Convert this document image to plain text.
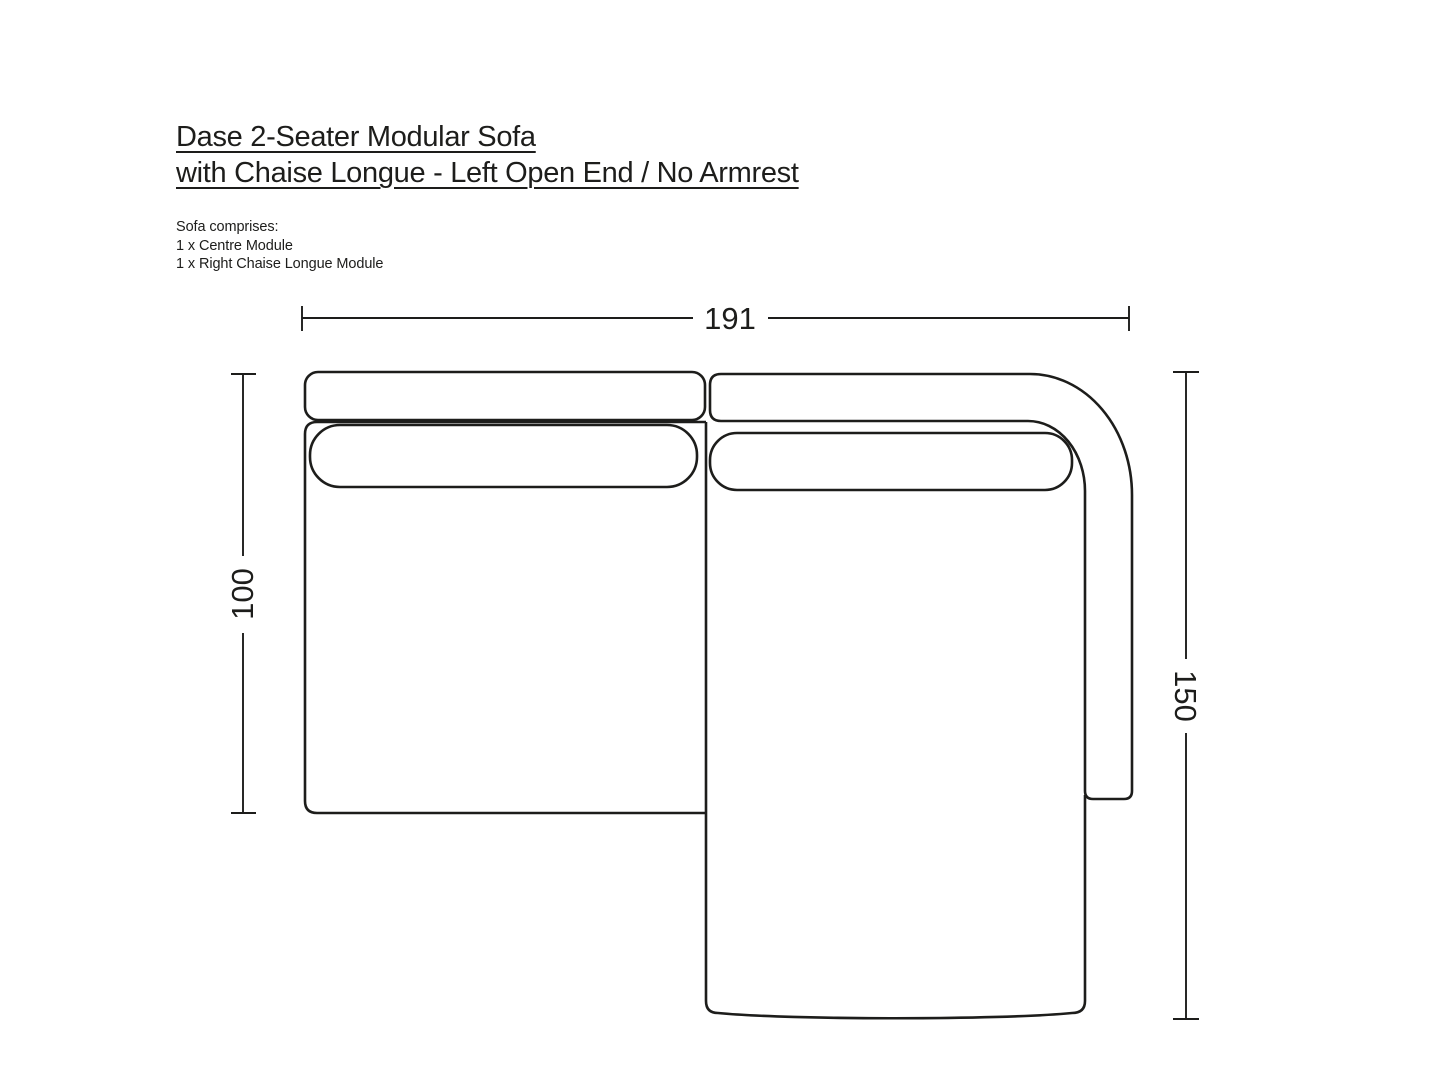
Dase 2-Seater Modular Sofa
with Chaise Longue - Left Open End / No Armrest
Sofa comprises:
1 x Centre Module
1 x Right Chaise Longue Module
191
100
150
